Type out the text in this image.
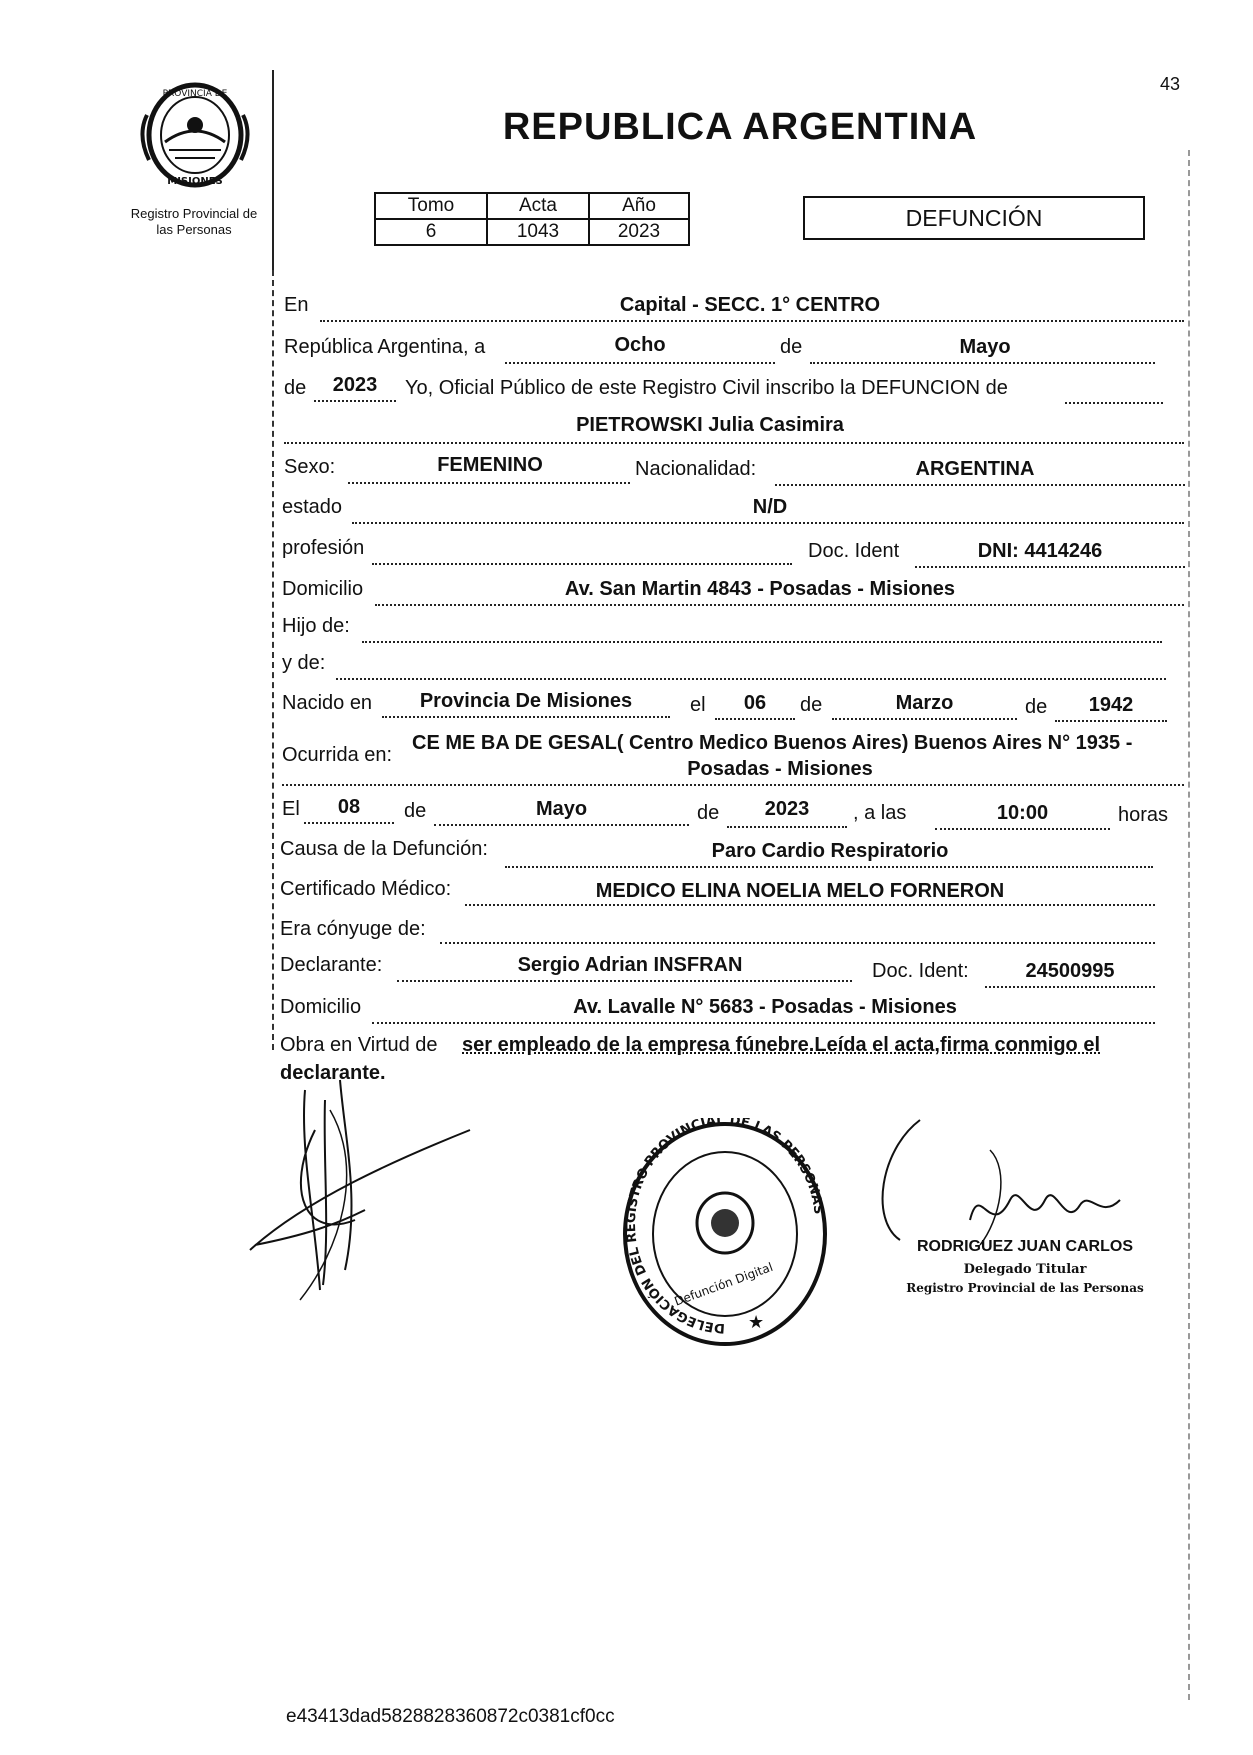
43
PROVINCIA DE
MISIONES
Registro Provincial de
las Personas
REPUBLICA ARGENTINA
Tomo	Acta	Año
6	1043	2023
DEFUNCIÓN
En	Capital - SECC. 1° CENTRO
República Argentina, a	Ocho	de	Mayo
de	2023	Yo, Oficial Público de este Registro Civil inscribo la DEFUNCION de
PIETROWSKI Julia Casimira
Sexo:	FEMENINO	Nacionalidad:	ARGENTINA
estado	N/D
profesión	Doc. Ident	DNI: 4414246
Domicilio	Av. San Martin 4843 - Posadas - Misiones
Hijo de:
y de:
Nacido en	Provincia De Misiones	el	06	de	Marzo	de	1942
Ocurrida en:
CE ME BA DE GESAL( Centro Medico Buenos Aires) Buenos Aires N° 1935 -
Posadas - Misiones
El	08	de	Mayo	de	2023	, a las	10:00	horas
Causa de la Defunción:	Paro Cardio Respiratorio
Certificado Médico:	MEDICO ELINA NOELIA MELO FORNERON
Era cónyuge de:
Declarante:	Sergio Adrian INSFRAN	Doc. Ident:	24500995
Domicilio	Av. Lavalle N° 5683 - Posadas - Misiones
Obra en Virtud de ser empleado de la empresa fúnebre.Leída el acta,firma conmigo el
declarante.
DELEGACIÓN DEL REGISTRO PROVINCIAL DE LAS PERSONAS
Defunción Digital
★
RODRIGUEZ JUAN CARLOS
Delegado Titular
Registro Provincial de las Personas
e43413dad5828828360872c0381cf0cc
